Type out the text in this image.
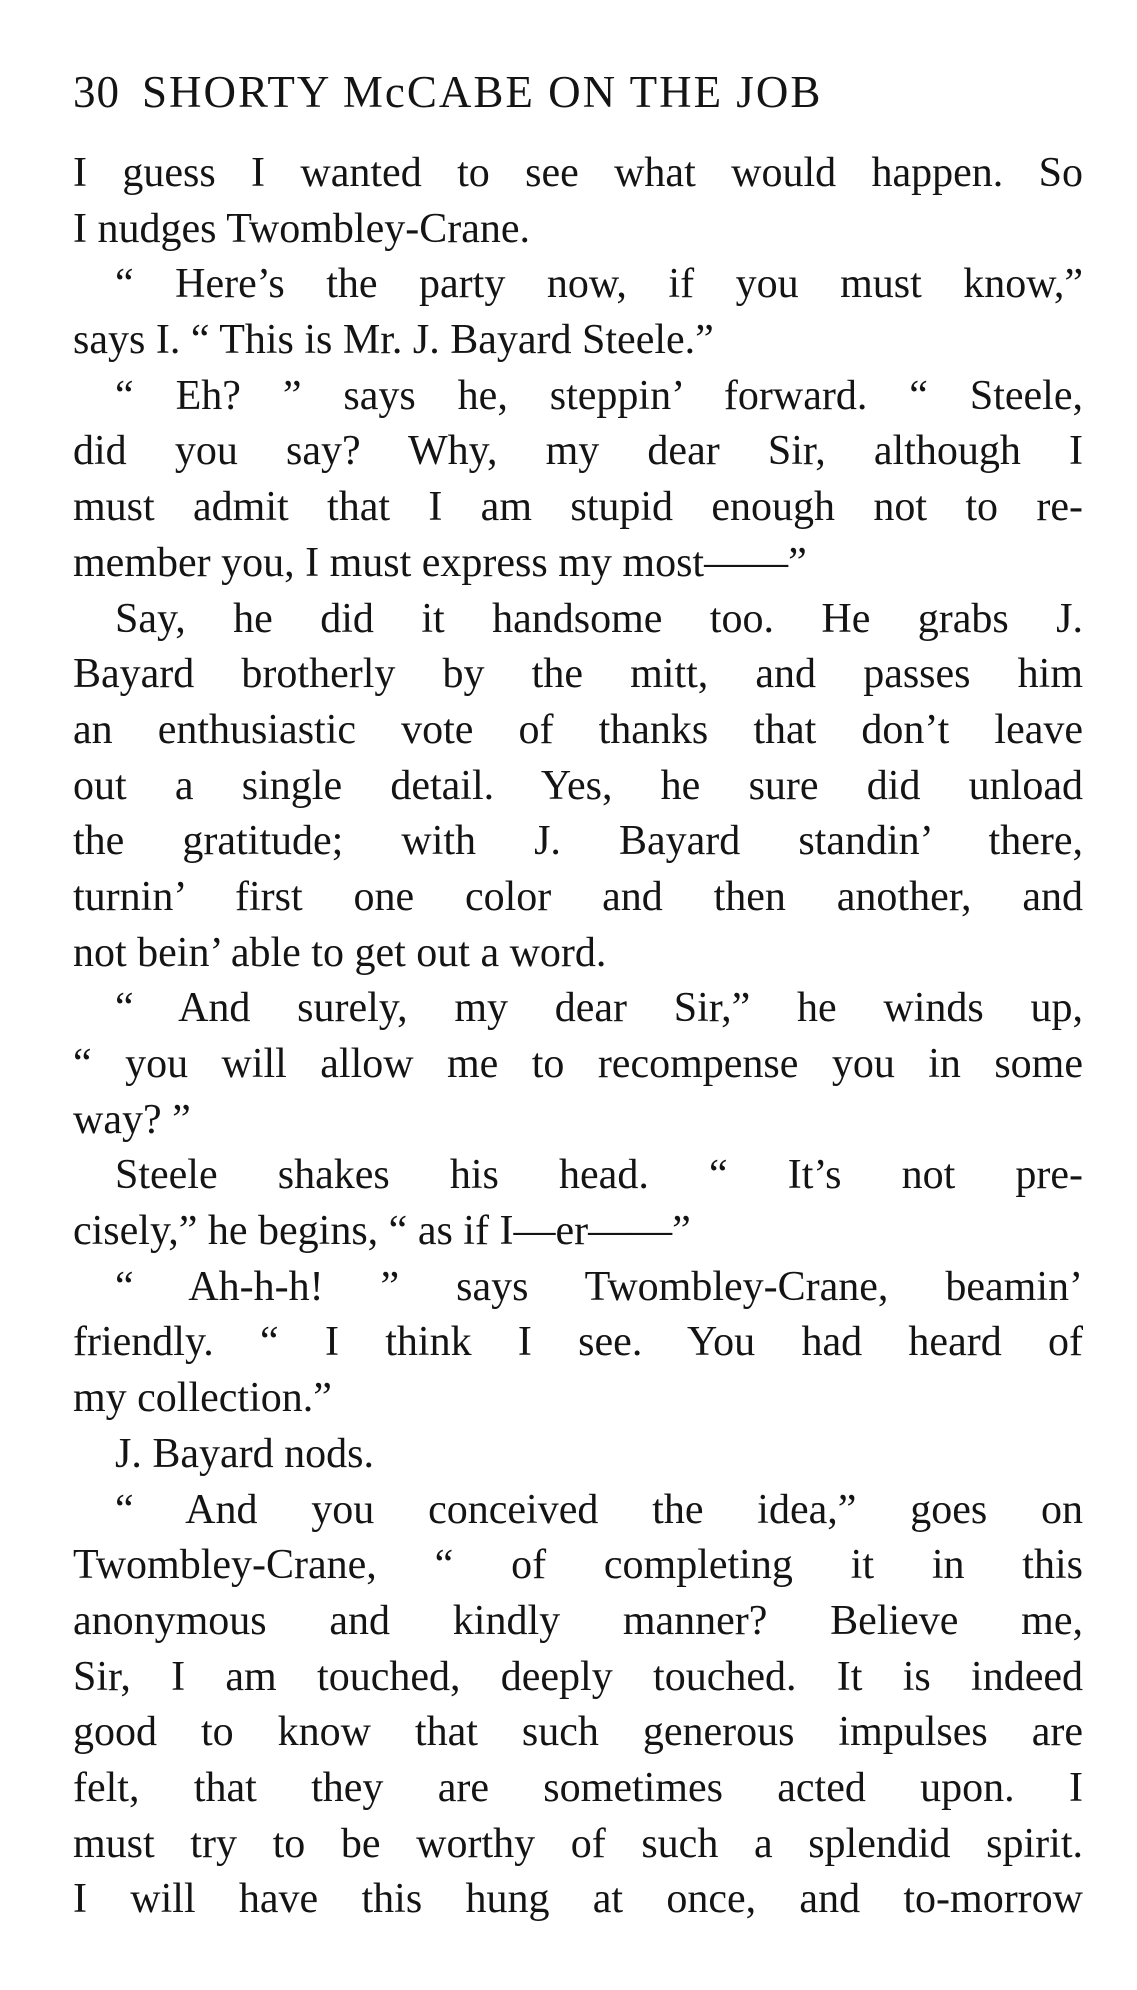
30 SHORTY McCABE ON THE JOB
I guess I wanted to see what would happen. So
I nudges Twombley-Crane.
“ Here’s the party now, if you must know,”
says I. “ This is Mr. J. Bayard Steele.”
“ Eh? ” says he, steppin’ forward. “ Steele,
did you say? Why, my dear Sir, although I
must admit that I am stupid enough not to re-
member you, I must express my most——”
Say, he did it handsome too. He grabs J.
Bayard brotherly by the mitt, and passes him
an enthusiastic vote of thanks that don’t leave
out a single detail. Yes, he sure did unload
the gratitude; with J. Bayard standin’ there,
turnin’ first one color and then another, and
not bein’ able to get out a word.
“ And surely, my dear Sir,” he winds up,
“ you will allow me to recompense you in some
way? ”
Steele shakes his head. “ It’s not pre-
cisely,” he begins, “ as if I—er——”
“ Ah-h-h! ” says Twombley-Crane, beamin’
friendly. “ I think I see. You had heard of
my collection.”
J. Bayard nods.
“ And you conceived the idea,” goes on
Twombley-Crane, “ of completing it in this
anonymous and kindly manner? Believe me,
Sir, I am touched, deeply touched. It is indeed
good to know that such generous impulses are
felt, that they are sometimes acted upon. I
must try to be worthy of such a splendid spirit.
I will have this hung at once, and to-morrow
